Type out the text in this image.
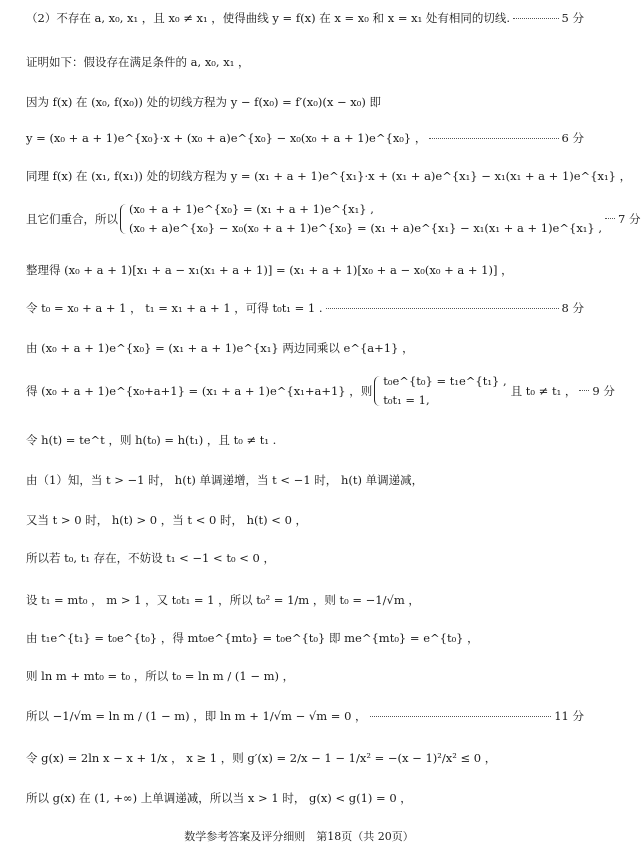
（2）不存在 a, x₀, x₁ ，且 x₀ ≠ x₁ ，使得曲线 y = f(x) 在 x = x₀ 和 x = x₁ 处有相同的切线.	5 分
证明如下：假设存在满足条件的 a, x₀, x₁ ，
因为 f(x) 在 (x₀, f(x₀)) 处的切线方程为 y − f(x₀) = f′(x₀)(x − x₀) 即
y = (x₀ + a + 1)e^{x₀}·x + (x₀ + a)e^{x₀} − x₀(x₀ + a + 1)e^{x₀} ，	6 分
同理 f(x) 在 (x₁, f(x₁)) 处的切线方程为 y = (x₁ + a + 1)e^{x₁}·x + (x₁ + a)e^{x₁} − x₁(x₁ + a + 1)e^{x₁} ，
且它们重合，所以
(x₀ + a + 1)e^{x₀} = (x₁ + a + 1)e^{x₁} ,
(x₀ + a)e^{x₀} − x₀(x₀ + a + 1)e^{x₀} = (x₁ + a)e^{x₁} − x₁(x₁ + a + 1)e^{x₁} ,
7 分
整理得 (x₀ + a + 1)[x₁ + a − x₁(x₁ + a + 1)] = (x₁ + a + 1)[x₀ + a − x₀(x₀ + a + 1)] ，
令 t₀ = x₀ + a + 1 ， t₁ = x₁ + a + 1 ，可得 t₀t₁ = 1 .	8 分
由 (x₀ + a + 1)e^{x₀} = (x₁ + a + 1)e^{x₁} 两边同乘以 e^{a+1} ，
得 (x₀ + a + 1)e^{x₀+a+1} = (x₁ + a + 1)e^{x₁+a+1} ，则
t₀e^{t₀} = t₁e^{t₁} ,
t₀t₁ = 1,
且 t₀ ≠ t₁ ， 9 分
令 h(t) = te^t ，则 h(t₀) = h(t₁) ，且 t₀ ≠ t₁ .
由（1）知，当 t > −1 时， h(t) 单调递增，当 t < −1 时， h(t) 单调递减，
又当 t > 0 时， h(t) > 0 ，当 t < 0 时， h(t) < 0 ，
所以若 t₀, t₁ 存在，不妨设 t₁ < −1 < t₀ < 0 ，
设 t₁ = mt₀ ， m > 1 ，又 t₀t₁ = 1 ，所以 t₀² = 1/m ，则 t₀ = −1/√m ，
由 t₁e^{t₁} = t₀e^{t₀} ，得 mt₀e^{mt₀} = t₀e^{t₀} 即 me^{mt₀} = e^{t₀} ，
则 ln m + mt₀ = t₀ ，所以 t₀ = ln m / (1 − m) ，
所以 −1/√m = ln m / (1 − m) ，即 ln m + 1/√m − √m = 0 ，	11 分
令 g(x) = 2ln x − x + 1/x ， x ≥ 1 ，则 g′(x) = 2/x − 1 − 1/x² = −(x − 1)²/x² ≤ 0 ，
所以 g(x) 在 (1, +∞) 上单调递减，所以当 x > 1 时， g(x) < g(1) = 0 ，
数学参考答案及评分细则　第18页（共 20页）
